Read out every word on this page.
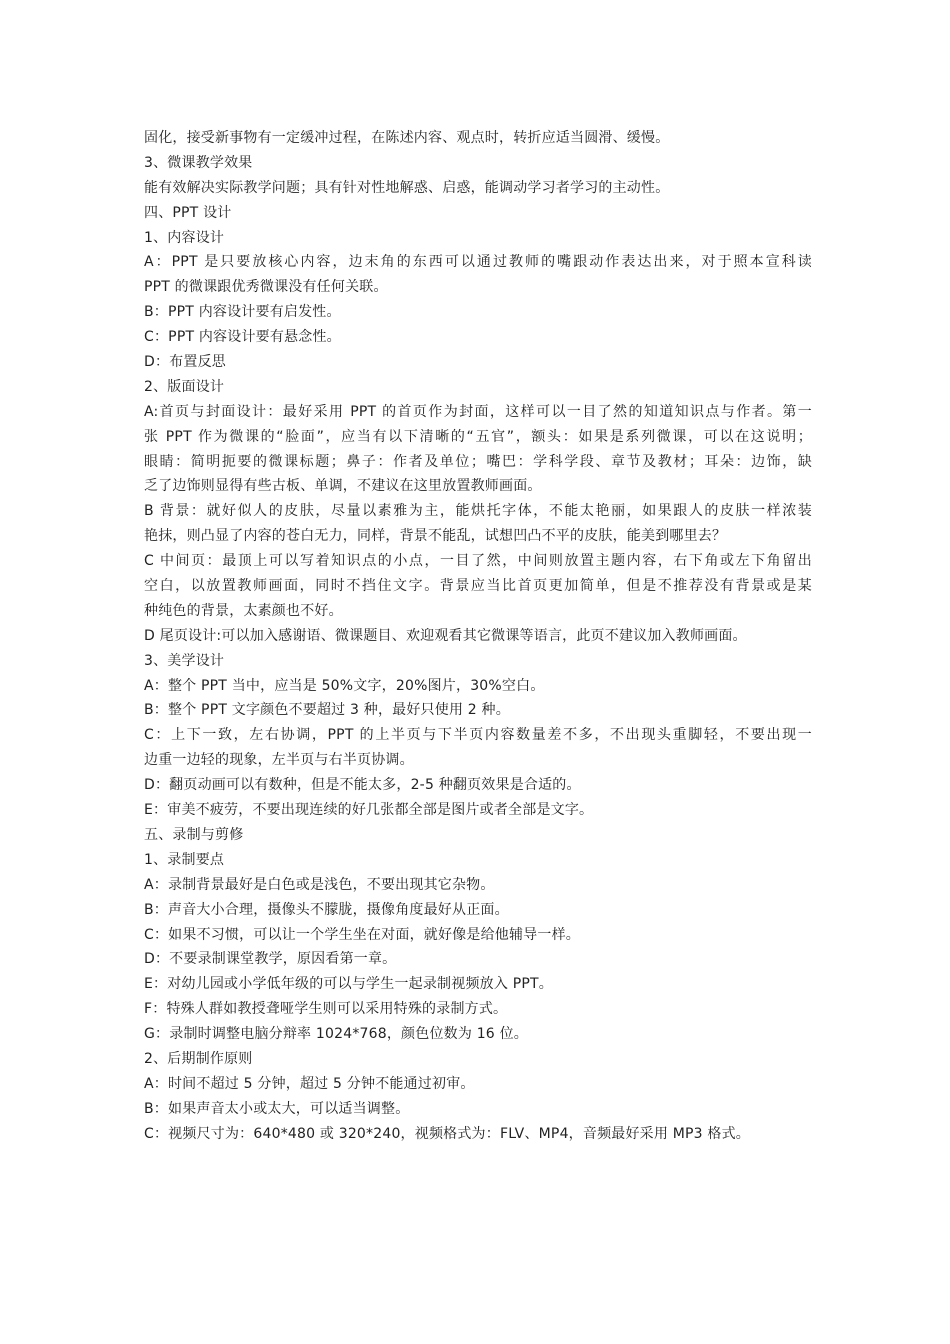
固化，接受新事物有一定缓冲过程，在陈述内容、观点时，转折应适当圆滑、缓慢。
3、微课教学效果
能有效解决实际教学问题；具有针对性地解惑、启惑，能调动学习者学习的主动性。
四、PPT 设计
1、内容设计
A：PPT 是只要放核心内容，边末角的东西可以通过教师的嘴跟动作表达出来，对于照本宣科读
PPT 的微课跟优秀微课没有任何关联。
B：PPT 内容设计要有启发性。
C：PPT 内容设计要有悬念性。
D：布置反思
2、版面设计
A:首页与封面设计：最好采用 PPT 的首页作为封面，这样可以一目了然的知道知识点与作者。第一
张 PPT 作为微课的“脸面”，应当有以下清晰的“五官”，额头：如果是系列微课，可以在这说明；
眼睛：简明扼要的微课标题；鼻子：作者及单位；嘴巴：学科学段、章节及教材；耳朵：边饰，缺
乏了边饰则显得有些古板、单调，不建议在这里放置教师画面。
B 背景：就好似人的皮肤，尽量以素雅为主，能烘托字体，不能太艳丽，如果跟人的皮肤一样浓装
艳抹，则凸显了内容的苍白无力，同样，背景不能乱，试想凹凸不平的皮肤，能美到哪里去？
C 中间页：最顶上可以写着知识点的小点，一目了然，中间则放置主题内容，右下角或左下角留出
空白，以放置教师画面，同时不挡住文字。背景应当比首页更加简单，但是不推荐没有背景或是某
种纯色的背景，太素颜也不好。
D 尾页设计:可以加入感谢语、微课题目、欢迎观看其它微课等语言，此页不建议加入教师画面。
3、美学设计
A：整个 PPT 当中，应当是 50%文字，20%图片，30%空白。
B：整个 PPT 文字颜色不要超过 3 种，最好只使用 2 种。
C：上下一致，左右协调，PPT 的上半页与下半页内容数量差不多，不出现头重脚轻，不要出现一
边重一边轻的现象，左半页与右半页协调。
D：翻页动画可以有数种，但是不能太多，2-5 种翻页效果是合适的。
E：审美不疲劳，不要出现连续的好几张都全部是图片或者全部是文字。
五、录制与剪修
1、录制要点
A：录制背景最好是白色或是浅色，不要出现其它杂物。
B：声音大小合理，摄像头不朦胧，摄像角度最好从正面。
C：如果不习惯，可以让一个学生坐在对面，就好像是给他辅导一样。
D：不要录制课堂教学，原因看第一章。
E：对幼儿园或小学低年级的可以与学生一起录制视频放入 PPT。
F：特殊人群如教授聋哑学生则可以采用特殊的录制方式。
G：录制时调整电脑分辩率 1024*768，颜色位数为 16 位。
2、后期制作原则
A：时间不超过 5 分钟，超过 5 分钟不能通过初审。
B：如果声音太小或太大，可以适当调整。
C：视频尺寸为：640*480 或 320*240，视频格式为：FLV、MP4，音频最好采用 MP3 格式。
